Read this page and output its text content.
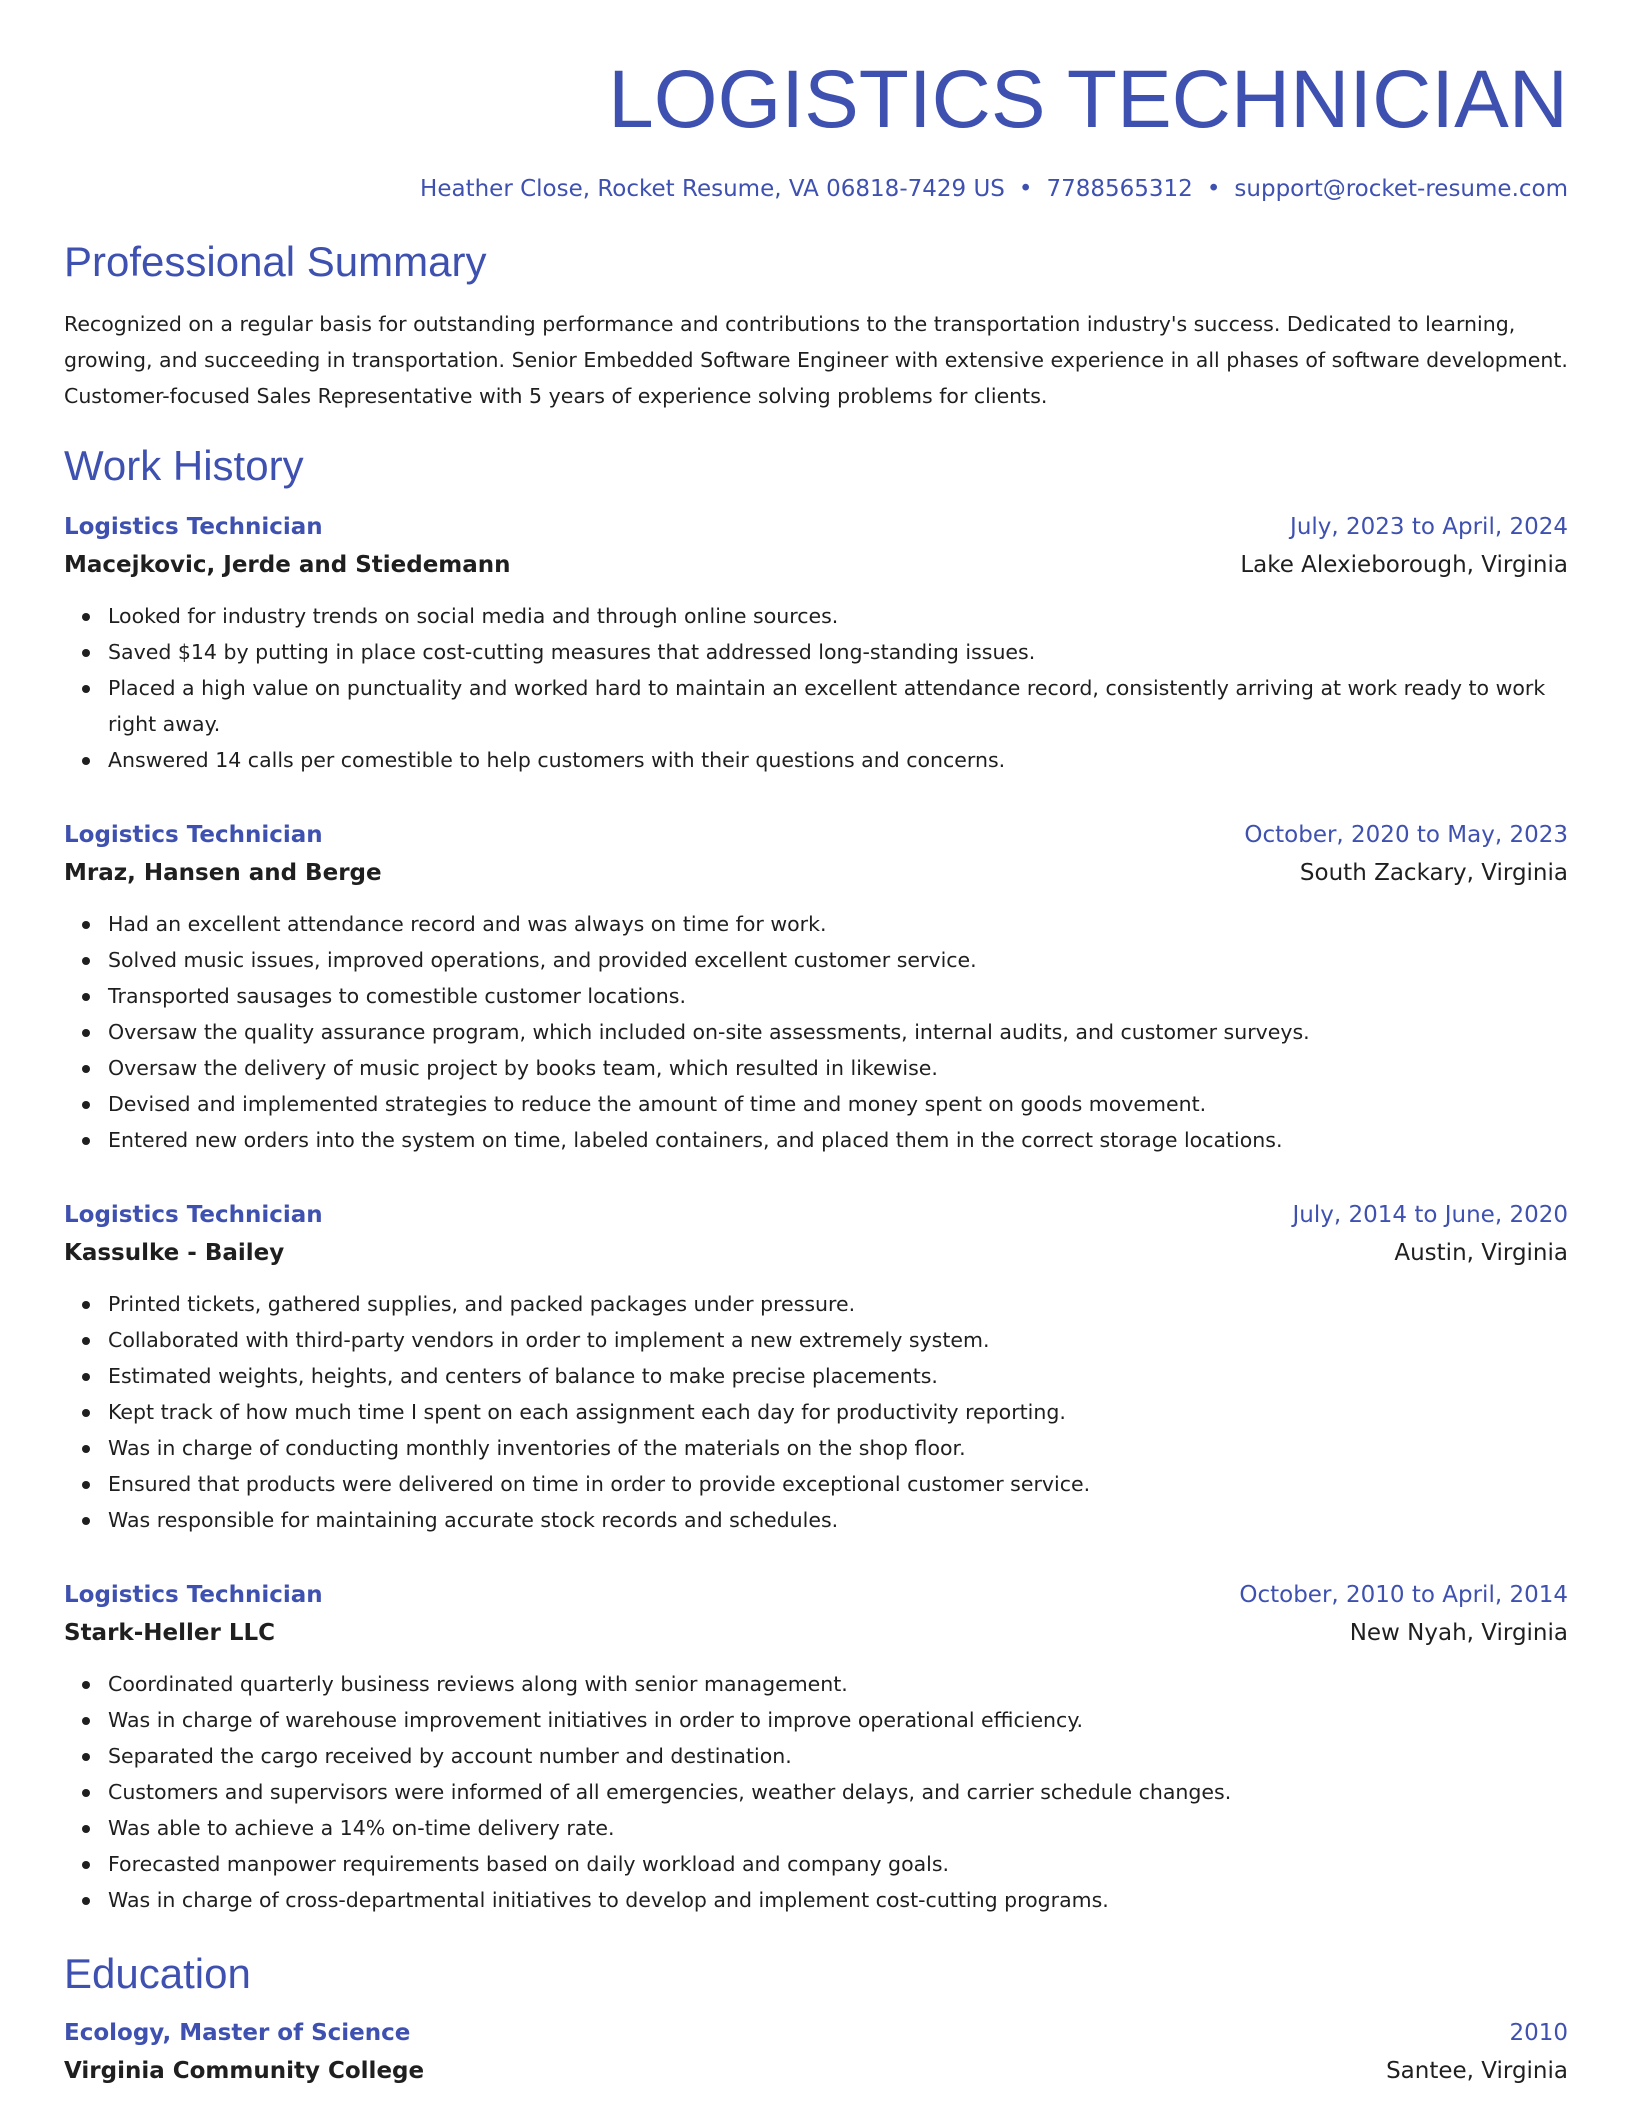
LOGISTICS TECHNICIAN
Heather Close, Rocket Resume, VA 06818-7429 US • 7788565312 • support@rocket-resume.com
Professional Summary
Recognized on a regular basis for outstanding performance and contributions to the transportation industry's success. Dedicated to learning, growing, and succeeding in transportation. Senior Embedded Software Engineer with extensive experience in all phases of software development. Customer-focused Sales Representative with 5 years of experience solving problems for clients.
Work History
Logistics Technician	July, 2023 to April, 2024
Macejkovic, Jerde and Stiedemann	Lake Alexieborough, Virginia
Looked for industry trends on social media and through online sources.
Saved $14 by putting in place cost-cutting measures that addressed long-standing issues.
Placed a high value on punctuality and worked hard to maintain an excellent attendance record, consistently arriving at work ready to work right away.
Answered 14 calls per comestible to help customers with their questions and concerns.
Logistics Technician	October, 2020 to May, 2023
Mraz, Hansen and Berge	South Zackary, Virginia
Had an excellent attendance record and was always on time for work.
Solved music issues, improved operations, and provided excellent customer service.
Transported sausages to comestible customer locations.
Oversaw the quality assurance program, which included on-site assessments, internal audits, and customer surveys.
Oversaw the delivery of music project by books team, which resulted in likewise.
Devised and implemented strategies to reduce the amount of time and money spent on goods movement.
Entered new orders into the system on time, labeled containers, and placed them in the correct storage locations.
Logistics Technician	July, 2014 to June, 2020
Kassulke - Bailey	Austin, Virginia
Printed tickets, gathered supplies, and packed packages under pressure.
Collaborated with third-party vendors in order to implement a new extremely system.
Estimated weights, heights, and centers of balance to make precise placements.
Kept track of how much time I spent on each assignment each day for productivity reporting.
Was in charge of conducting monthly inventories of the materials on the shop floor.
Ensured that products were delivered on time in order to provide exceptional customer service.
Was responsible for maintaining accurate stock records and schedules.
Logistics Technician	October, 2010 to April, 2014
Stark-Heller LLC	New Nyah, Virginia
Coordinated quarterly business reviews along with senior management.
Was in charge of warehouse improvement initiatives in order to improve operational efficiency.
Separated the cargo received by account number and destination.
Customers and supervisors were informed of all emergencies, weather delays, and carrier schedule changes.
Was able to achieve a 14% on-time delivery rate.
Forecasted manpower requirements based on daily workload and company goals.
Was in charge of cross-departmental initiatives to develop and implement cost-cutting programs.
Education
Ecology, Master of Science	2010
Virginia Community College	Santee, Virginia
